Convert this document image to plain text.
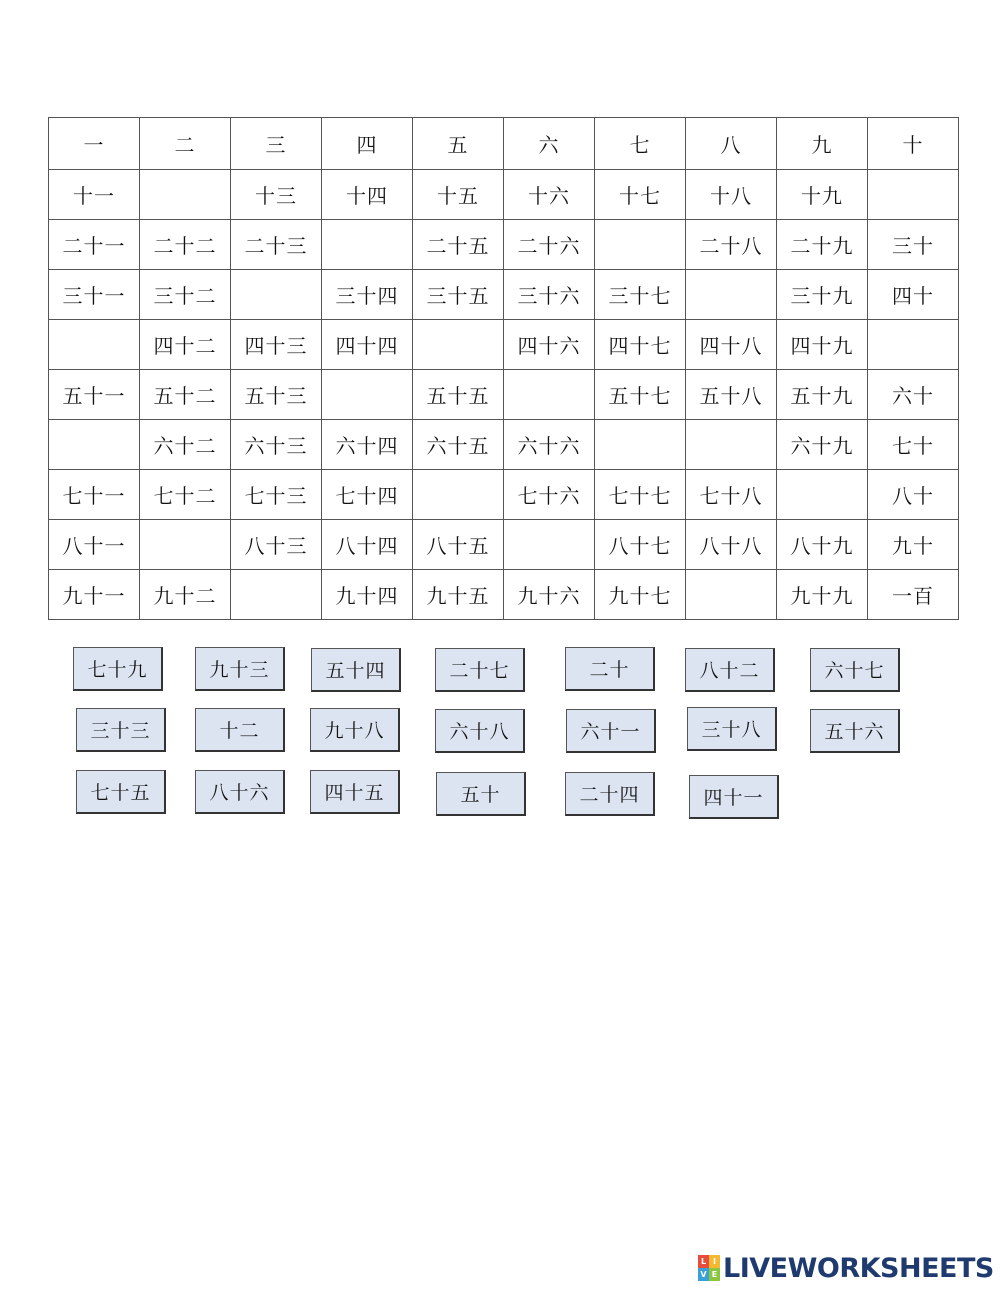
一	二	三	四	五	六	七	八	九	十
十一		十三	十四	十五	十六	十七	十八	十九	
二十一	二十二	二十三		二十五	二十六		二十八	二十九	三十
三十一	三十二		三十四	三十五	三十六	三十七		三十九	四十
	四十二	四十三	四十四		四十六	四十七	四十八	四十九	
五十一	五十二	五十三		五十五		五十七	五十八	五十九	六十
	六十二	六十三	六十四	六十五	六十六			六十九	七十
七十一	七十二	七十三	七十四		七十六	七十七	七十八		八十
八十一		八十三	八十四	八十五		八十七	八十八	八十九	九十
九十一	九十二		九十四	九十五	九十六	九十七		九十九	一百
七十九	九十三	五十四	二十七	二十	八十二	六十七
三十三	十二	九十八	六十八	六十一	三十八	五十六
七十五	八十六	四十五	五十	二十四	四十一
L I
V E LIVEWORKSHEETS
